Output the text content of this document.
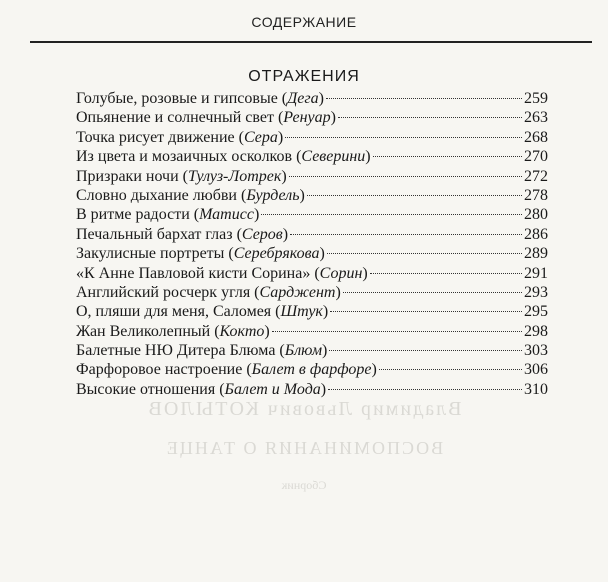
СОДЕРЖАНИЕ
ОТРАЖЕНИЯ
Владимир Львович КОТЫЛОВ
ВОСПОМИНАНИЯ О ТАНЦЕ
Сборник
Голубые, розовые и гипсовые (Дега)	259
Опьянение и солнечный свет (Ренуар)	263
Точка рисует движение (Сера)	268
Из цвета и мозаичных осколков (Северини)	270
Призраки ночи (Тулуз-Лотрек)	272
Словно дыхание любви (Бурдель)	278
В ритме радости (Матисс)	280
Печальный бархат глаз (Серов)	286
Закулисные портреты (Серебрякова)	289
«К Анне Павловой кисти Сорина» (Сорин)	291
Английский росчерк угля (Сарджент)	293
О, пляши для меня, Саломея (Штук)	295
Жан Великолепный (Кокто)	298
Балетные НЮ Дитера Блюма (Блюм)	303
Фарфоровое настроение (Балет в фарфоре)	306
Высокие отношения (Балет и Мода)	310
